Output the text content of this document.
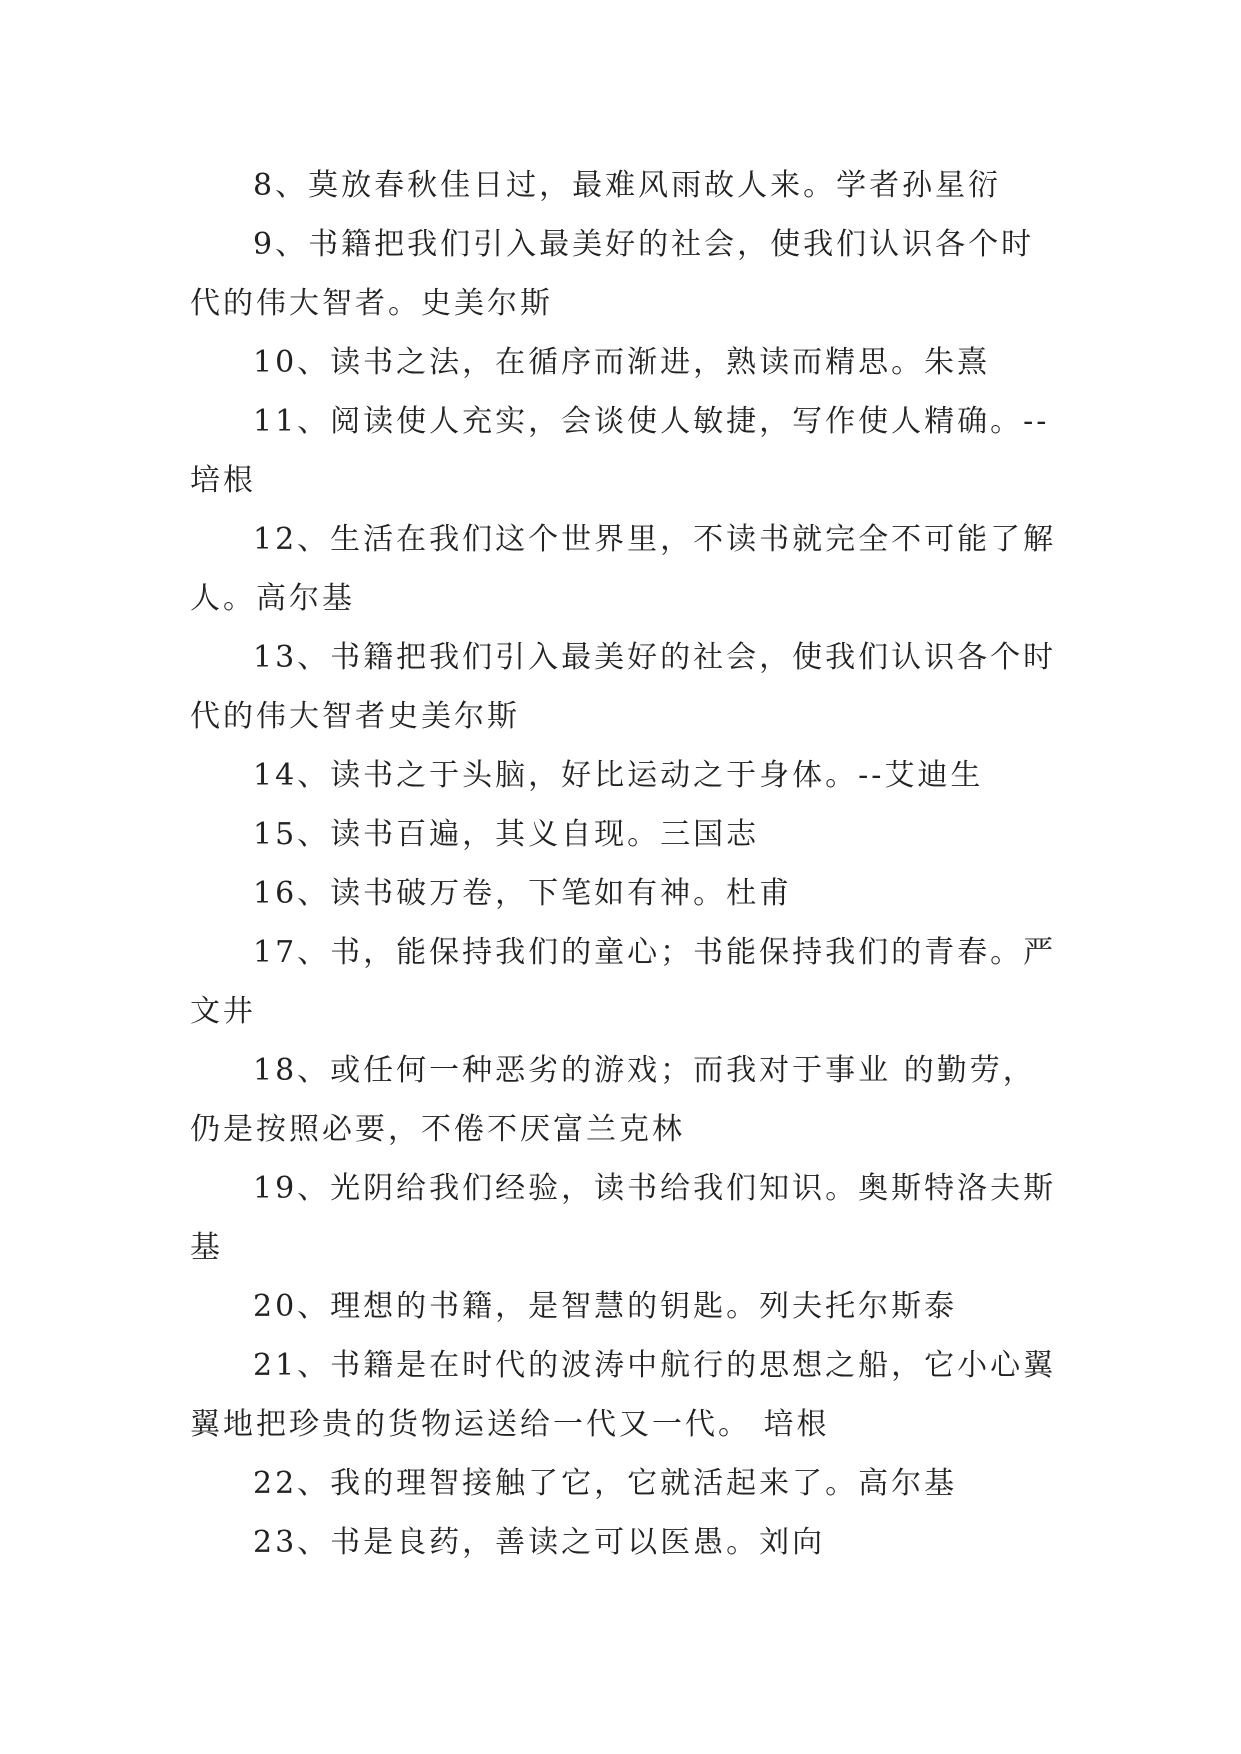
8、莫放春秋佳日过，最难风雨故人来。学者孙星衍

9、书籍把我们引入最美好的社会，使我们认识各个时代的伟大智者。史美尔斯

10、读书之法，在循序而渐进，熟读而精思。朱熹

11、阅读使人充实，会谈使人敏捷，写作使人精确。--培根

12、生活在我们这个世界里，不读书就完全不可能了解人。高尔基

13、书籍把我们引入最美好的社会，使我们认识各个时代的伟大智者史美尔斯

14、读书之于头脑，好比运动之于身体。--艾迪生

15、读书百遍，其义自现。三国志

16、读书破万卷，下笔如有神。杜甫

17、书，能保持我们的童心；书能保持我们的青春。严文井

18、或任何一种恶劣的游戏；而我对于事业 的勤劳，仍是按照必要，不倦不厌富兰克林

19、光阴给我们经验，读书给我们知识。奥斯特洛夫斯基

20、理想的书籍，是智慧的钥匙。列夫托尔斯泰

21、书籍是在时代的波涛中航行的思想之船，它小心翼翼地把珍贵的货物运送给一代又一代。 培根

22、我的理智接触了它，它就活起来了。高尔基

23、书是良药，善读之可以医愚。刘向
